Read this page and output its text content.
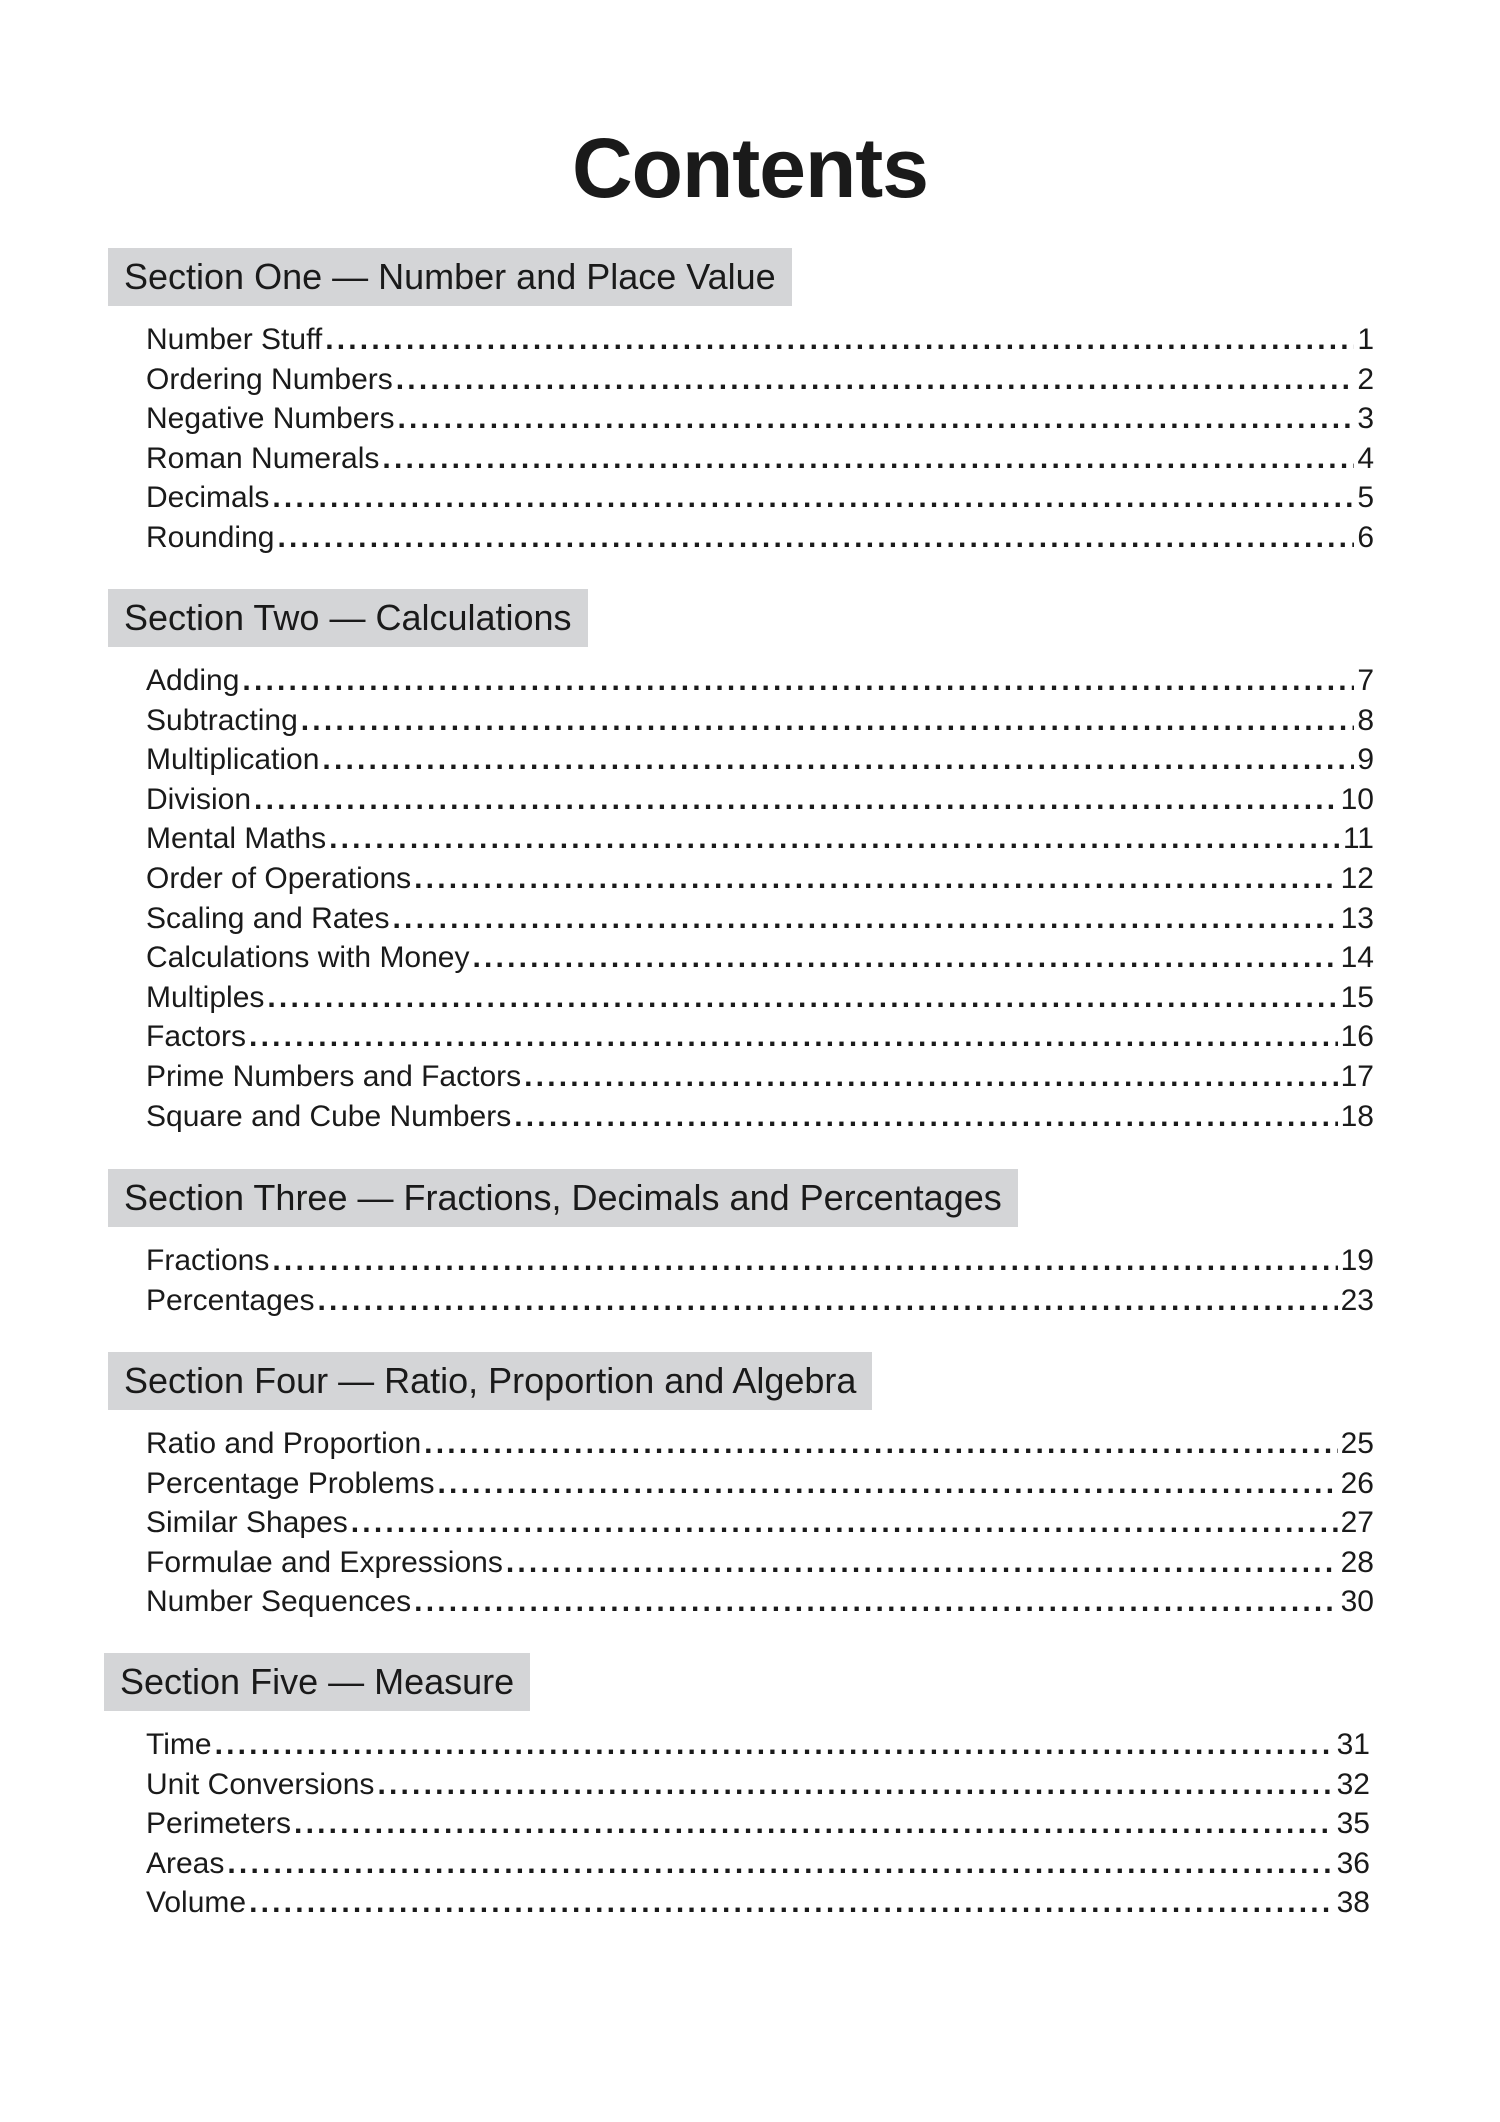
Contents
Section One — Number and Place Value
Number Stuff .....	1
Ordering Numbers .....	2
Negative Numbers .....	3
Roman Numerals .....	4
Decimals .....	5
Rounding .....	6
Section Two — Calculations
Adding .....	7
Subtracting .....	8
Multiplication .....	9
Division .....	10
Mental Maths .....	11
Order of Operations .....	12
Scaling and Rates .....	13
Calculations with Money .....	14
Multiples .....	15
Factors .....	16
Prime Numbers and Factors .....	17
Square and Cube Numbers .....	18
Section Three — Fractions, Decimals and Percentages
Fractions .....	19
Percentages .....	23
Section Four — Ratio, Proportion and Algebra
Ratio and Proportion .....	25
Percentage Problems .....	26
Similar Shapes .....	27
Formulae and Expressions .....	28
Number Sequences .....	30
Section Five — Measure
Time .....	31
Unit Conversions .....	32
Perimeters .....	35
Areas .....	36
Volume .....	38
